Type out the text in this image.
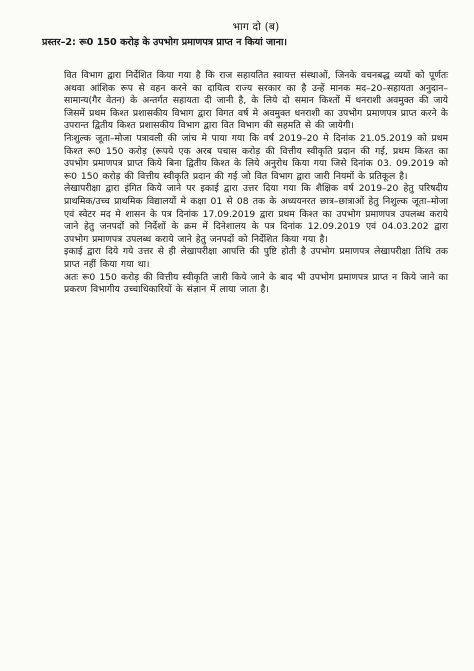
भाग दो (ब)
प्रस्तर–2: रू0 150 करोड़ के उपभोग प्रमाणपत्र प्राप्त न कियां जाना।

वित विभाग द्वारा निर्देशित किया गया है कि राज सहायतित स्वायत्त संस्थाओं, जिनके वचनबद्ध व्ययों को पूर्णतः अथवा आंशिक रूप से वहन करने का दायित्व राज्य सरकार का है उन्हें मानक मद–20–सहायता अनुदान–सामान्य(गैर वेतन) के अन्तर्गत सहायता दी जानी है, के लिये दो समान किश्तों में धनराशी अवमुक्त की जाये जिसमें प्रथम किश्त प्रशासकीय विभाग द्वारा विगत वर्ष मे अवमुक्त धनराशी का उपभोग प्रमाणपत्र प्राप्त करने के उपरान्त द्वितीय किश्त प्रशासकीय विभाग द्वारा वित विभाग की सहमति से की जायेगी।

निःशुल्क जूता–मोजा पत्रावली की जांच मे पाया गया कि वर्ष 2019–20 मे दिनांक 21.05.2019 को प्रथम किश्त रू0 150 करोड़ (रूपये एक अरब पचास करोड़ की वित्तीय स्वीकृति प्रदान की गई, प्रथम किश्त का उपभोग प्रमाणपत्र प्राप्त किये बिना द्वितीय किश्त के लिये अनुरोध किया गया जिसे दिनांक 03. 09.2019 को रू0 150 करोड़ की वित्तीय स्वीकृति प्रदान की गई जो वित विभाग द्वारा जारी नियमों के प्रतिकूल है।

लेखापरीक्षा द्वारा इंगित किये जाने पर इकाई द्वारा उत्तर दिया गया कि शैक्षिक वर्ष 2019–20 हेतु परिषदीय प्राथमिक/उच्च प्राथमिक विद्यालयों मे कक्षा 01 से 08 तक के अध्ययनरत छात्र–छात्राओं हेतु निशुल्क जूता–मोजा एवं स्वेटर मद मे शासन के पत्र दिनांक 17.09.2019 द्वारा प्रथम किश्त का उपभोग प्रमाणपत्र उपलब्ध कराये जाने हेतु जनपदों को निर्देशों के क्रम में दिनेशालय के पत्र दिनांक 12.09.2019 एवं 04.03.202 द्वारा उपभोग प्रमाणपत्र उपलब्ध कराये जाने हेतु जनपदों को निर्देशित किया गया है।

इकाई द्वारा दिये गये उत्तर से ही लेखापरीक्षा आपत्ति की पुष्टि होती है उपभोग प्रमाणपत्र लेखापरीक्षा तिथि तक प्राप्त नहीं किया गया था।

अतः रू0 150 करोड़ की वित्तीय स्वीकृति जारी किये जाने के बाद भी उपभोग प्रमाणपत्र प्राप्त न किये जाने का प्रकरण विभागीय उच्चाधिकारियों के संज्ञान में लाया जाता है।
